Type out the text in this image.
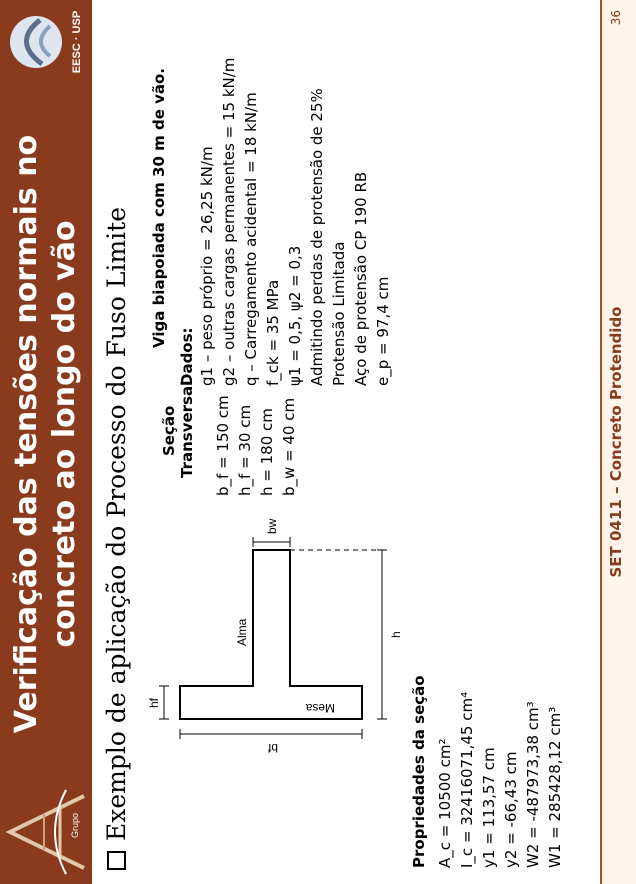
Grupo
Verificação das tensões normais no concreto ao longo do vão
EESC · USP
Exemplo de aplicação do Processo do Fuso Limite	Mesa
Alma
bf
hf
h
bw
Seção Transversal b_f = 150 cm h_f = 30 cm h = 180 cm b_w = 40 cm
Viga biapoiada com 30 m de vão.
Dados: g1 – peso próprio = 26,25 kN/m g2 – outras cargas permanentes = 15 kN/m q – Carregamento acidental = 18 kN/m f_ck = 35 MPa ψ1 = 0,5, ψ2 = 0,3 Admitindo perdas de protensão de 25% Protensão Limitada Aço de protensão CP 190 RB e_p = 97,4 cm
Propriedades da seção A_c = 10500 cm² I_c = 32416071,45 cm⁴ y1 = 113,57 cm y2 = -66,43 cm W2 = -487973,38 cm³ W1 = 285428,12 cm³
SET 0411 – Concreto Protendido
36
